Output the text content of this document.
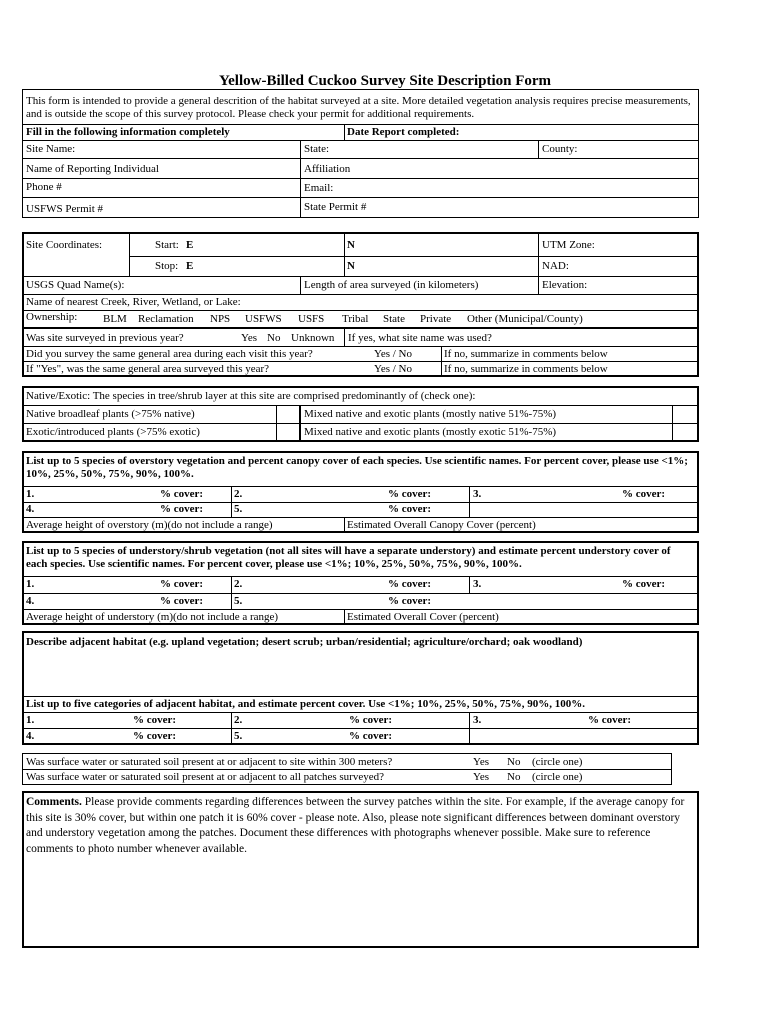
Yellow-Billed Cuckoo Survey Site Description Form
This form is intended to provide a general descrition of the habitat surveyed at a site. More detailed vegetation analysis requires precise measurements, and is outside the scope of this survey protocol. Please check your permit for additional requirements.
Fill in the following information completely	Date Report completed:
Site Name:	State:	County:
Name of Reporting Individual	Affiliation
Phone #	Email:
USFWS Permit #	State Permit #
Site Coordinates:	Start: E	N	UTM Zone:
Stop: E	N	NAD:
USGS Quad Name(s):	Length of area surveyed (in kilometers)	Elevation:
Name of nearest Creek, River, Wetland, or Lake:
Ownership: BLM Reclamation NPS USFWS USFS Tribal State Private Other (Municipal/County)
Was site surveyed in previous year?	Yes No Unknown If yes, what site name was used?
Did you survey the same general area during each visit this year?	Yes / No	If no, summarize in comments below
If "Yes", was the same general area surveyed this year?	Yes / No	If no, summarize in comments below
Native/Exotic: The species in tree/shrub layer at this site are comprised predominantly of (check one):
Native broadleaf plants (>75% native)	Mixed native and exotic plants (mostly native 51%-75%)
Exotic/introduced plants (>75% exotic)	Mixed native and exotic plants (mostly exotic 51%-75%)
List up to 5 species of overstory vegetation and percent canopy cover of each species. Use scientific names. For percent cover, please use <1%; 10%, 25%, 50%, 75%, 90%, 100%.
1.	% cover:	2.	% cover:	3.	% cover:
4.	% cover:	5.	% cover:
Average height of overstory (m)(do not include a range)	Estimated Overall Canopy Cover (percent)
List up to 5 species of understory/shrub vegetation (not all sites will have a separate understory) and estimate percent understory cover of each species. Use scientific names. For percent cover, please use <1%; 10%, 25%, 50%, 75%, 90%, 100%.
1.	% cover:	2.	% cover:	3.	% cover:
4.	% cover:	5.	% cover:
Average height of understory (m)(do not include a range)	Estimated Overall Cover (percent)
Describe adjacent habitat (e.g. upland vegetation; desert scrub; urban/residential; agriculture/orchard; oak woodland)
List up to five categories of adjacent habitat, and estimate percent cover. Use <1%; 10%, 25%, 50%, 75%, 90%, 100%.
1.	% cover:	2.	% cover:	3.	% cover:
4.	% cover:	5.	% cover:
Was surface water or saturated soil present at or adjacent to site within 300 meters?	Yes No (circle one)
Was surface water or saturated soil present at or adjacent to all patches surveyed?	Yes No (circle one)
Comments. Please provide comments regarding differences between the survey patches within the site. For example, if the average canopy for this site is 30% cover, but within one patch it is 60% cover - please note. Also, please note significant differences between dominant overstory and understory vegetation among the patches. Document these differences with photographs whenever possible. Make sure to reference comments to photo number whenever available.
